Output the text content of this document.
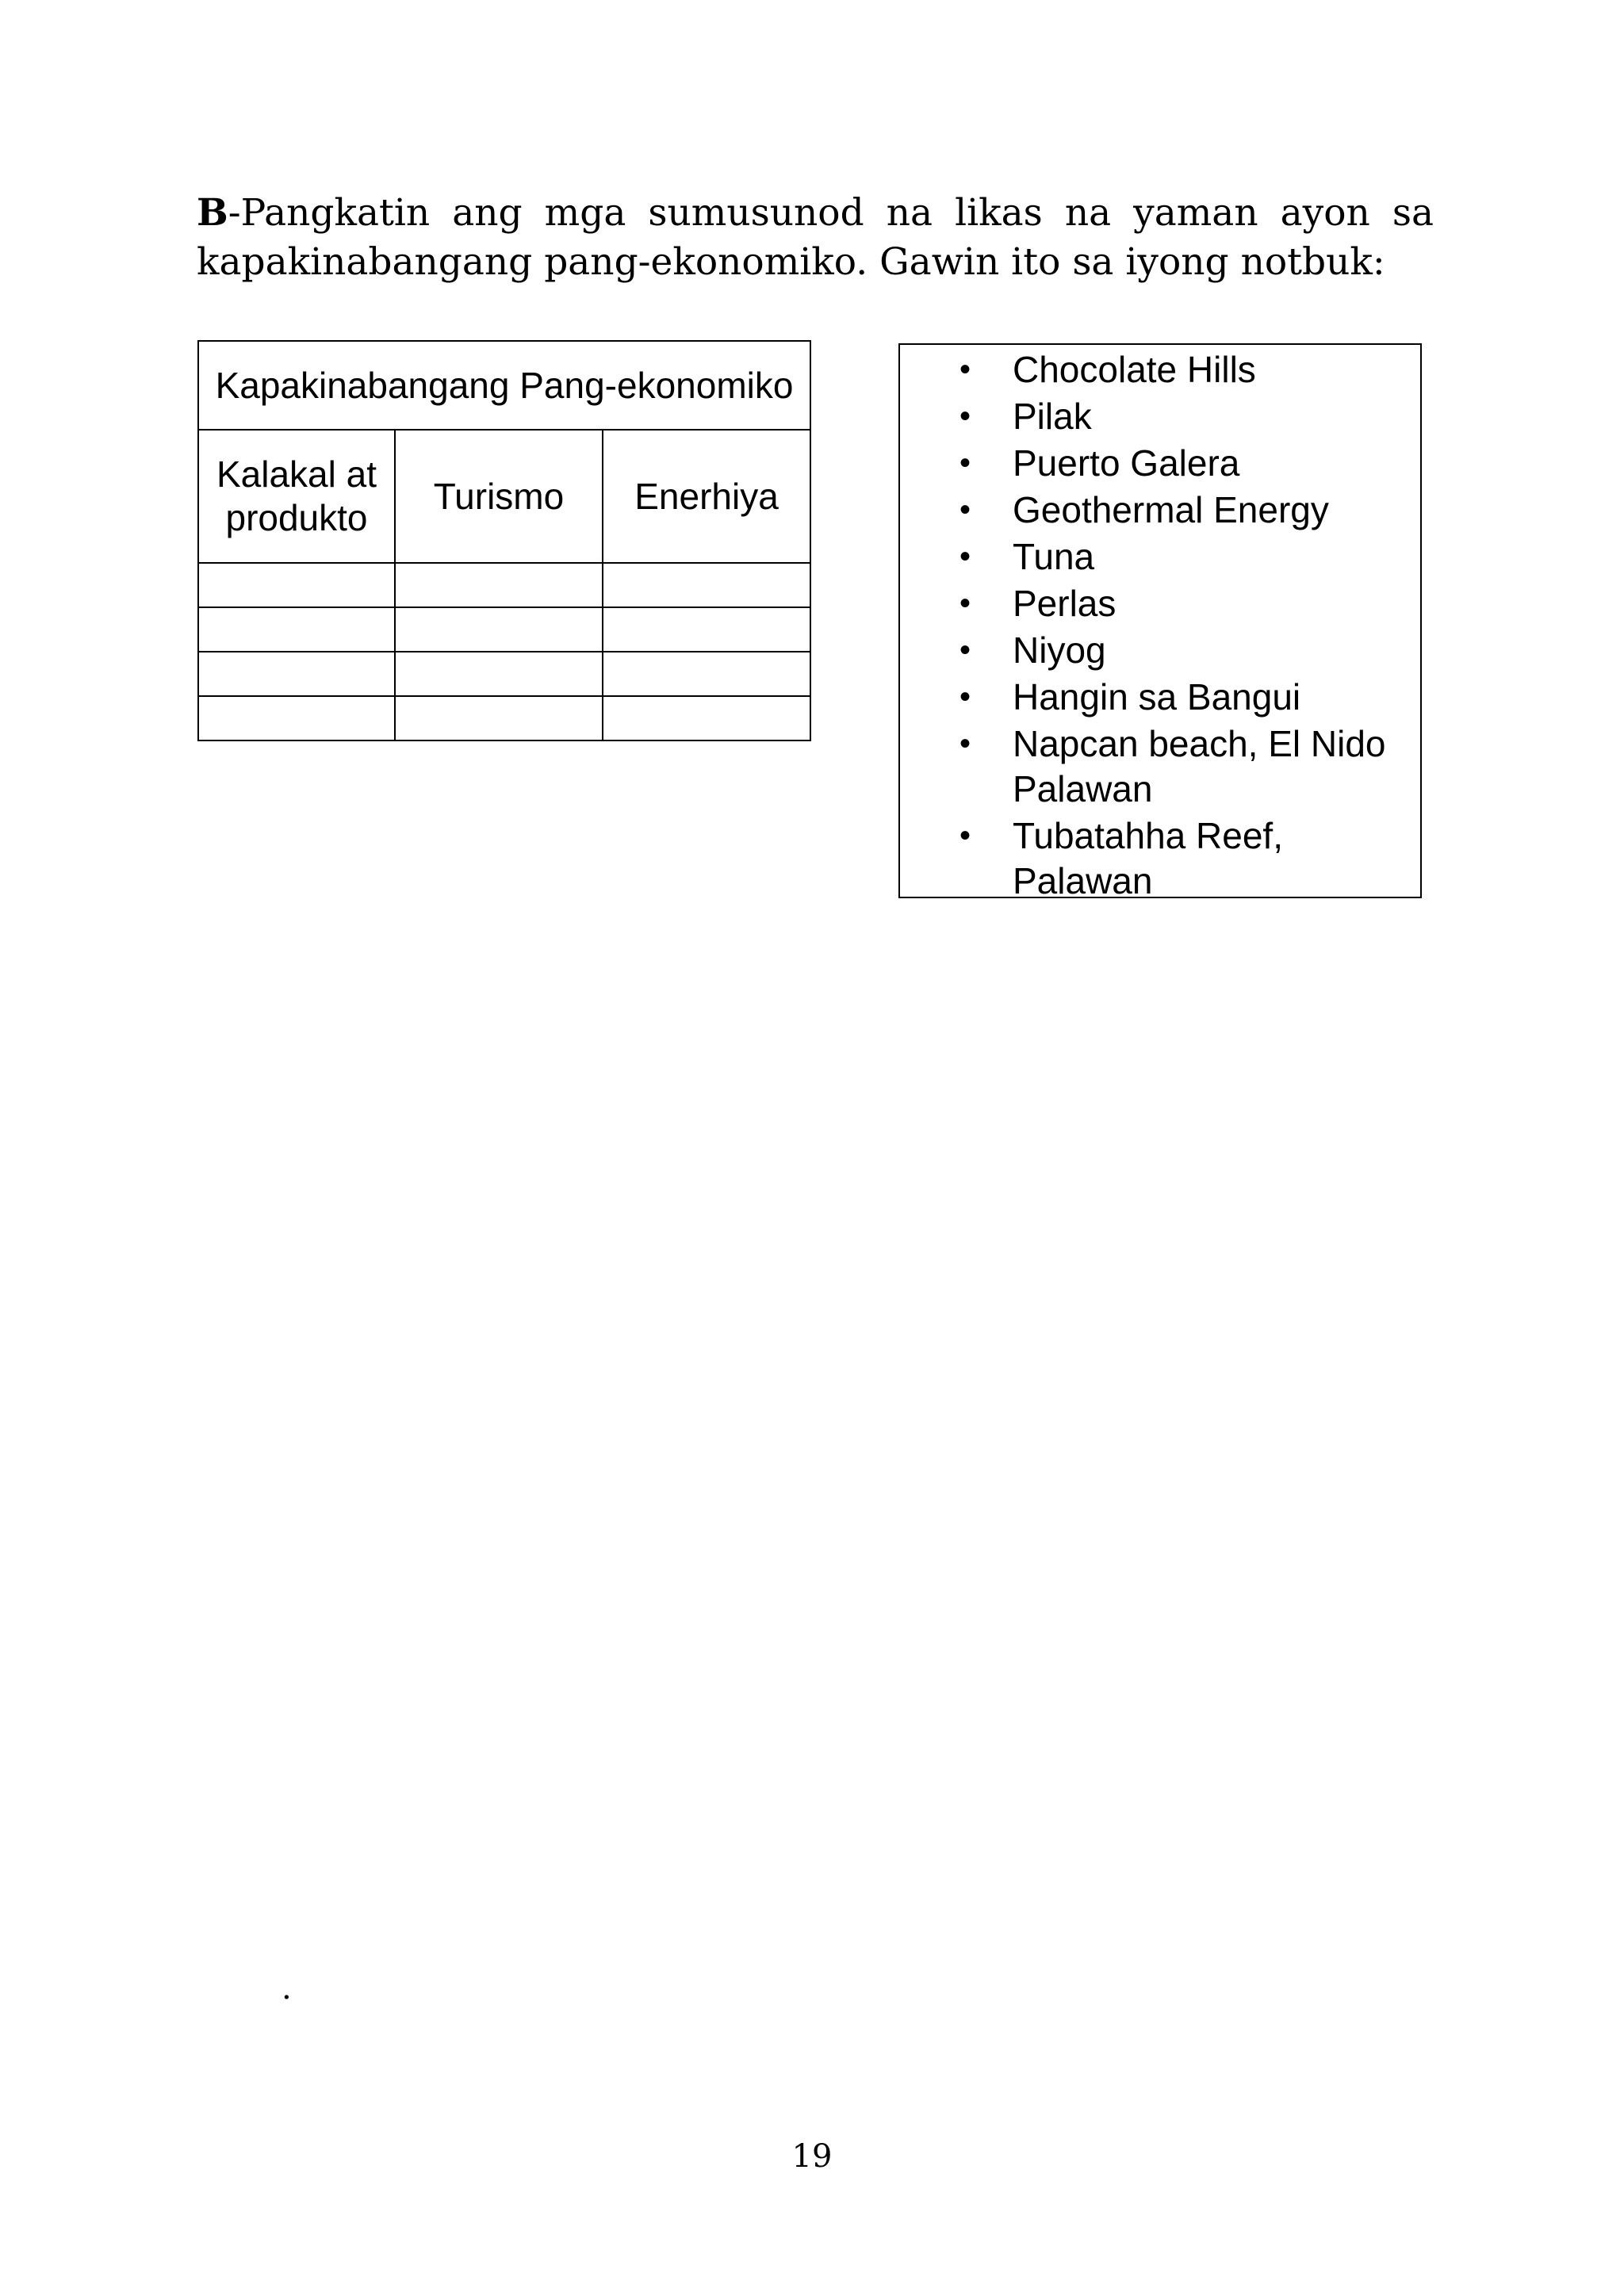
B-Pangkatin ang mga sumusunod na likas na yaman ayon sa kapakinabangang pang-ekonomiko. Gawin ito sa iyong notbuk:

Kapakinabangang Pang-ekonomiko		
Kalakal at produkto	Turismo	Enerhiya

• Chocolate Hills
• Pilak
• Puerto Galera
• Geothermal Energy
• Tuna
• Perlas
• Niyog
• Hangin sa Bangui
• Napcan beach, El Nido Palawan
• Tubatahha Reef, Palawan
.
19
